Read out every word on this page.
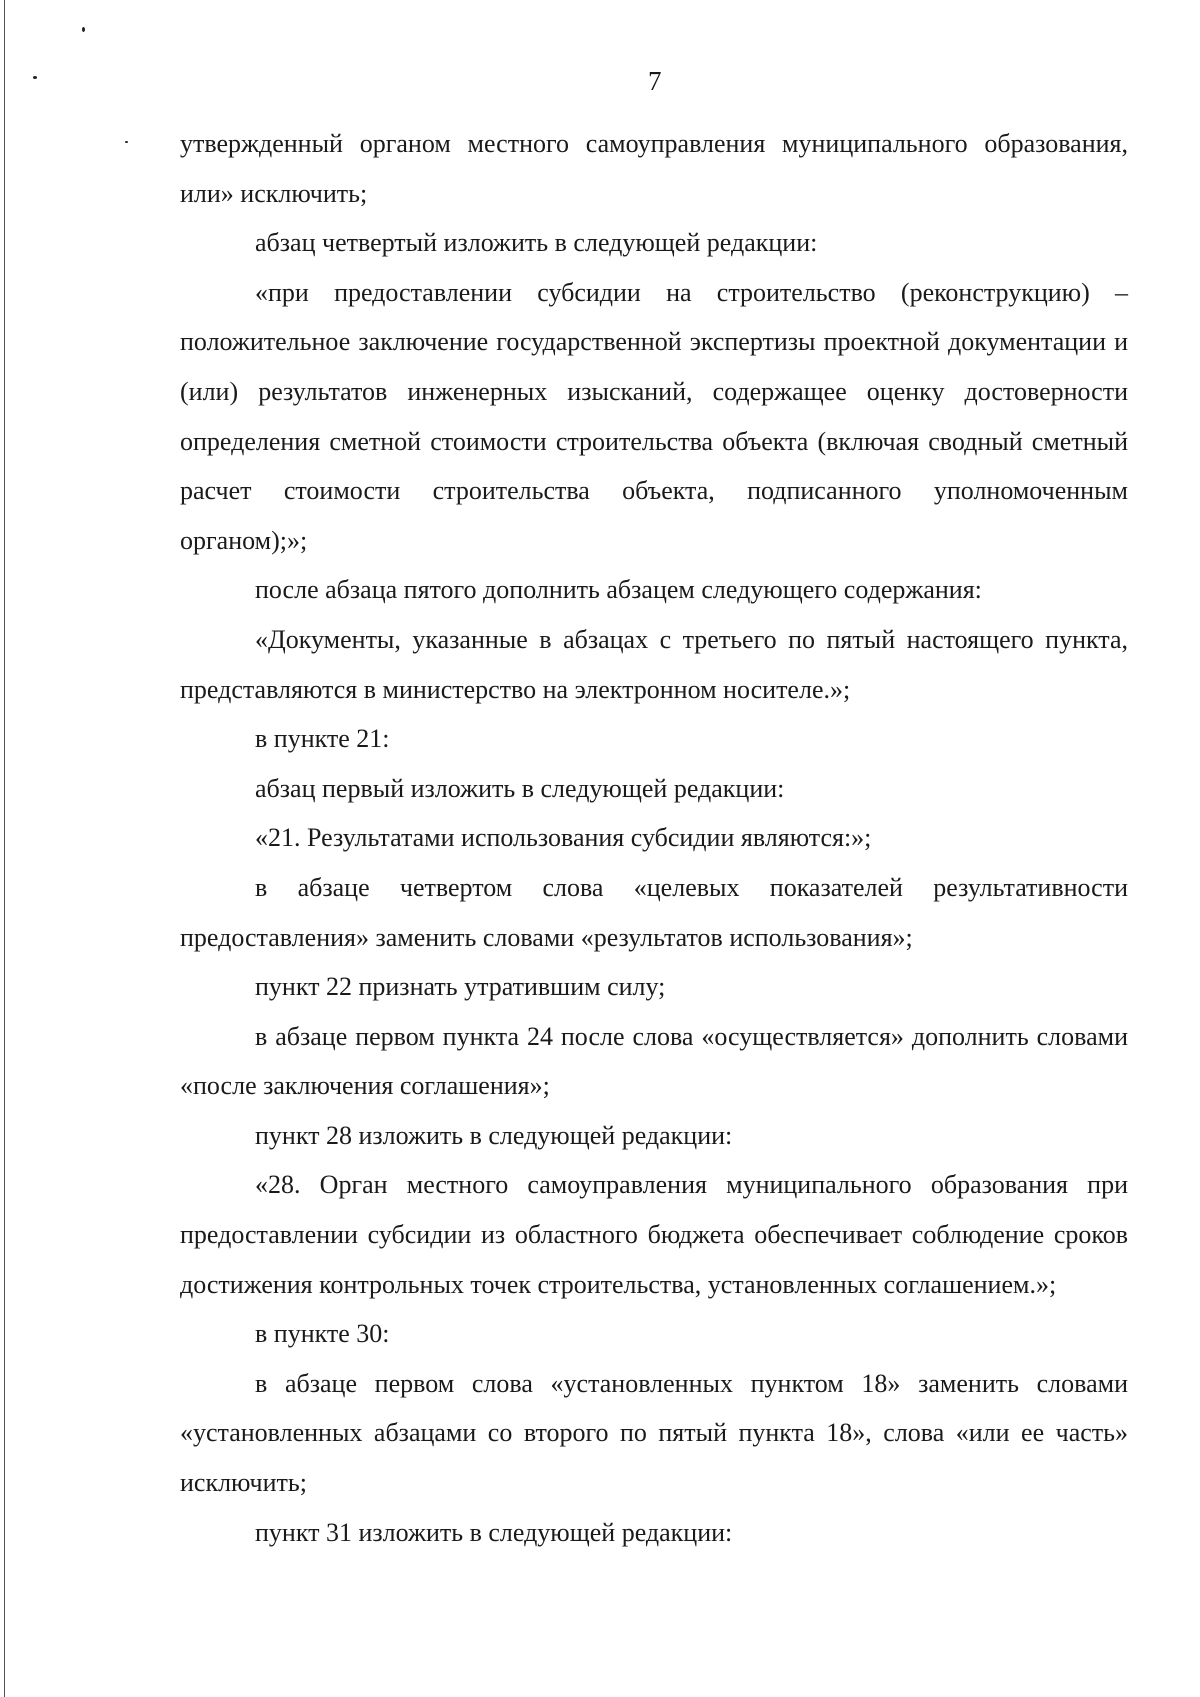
7

утвержденный органом местного самоуправления муниципального образования, или» исключить;

абзац четвертый изложить в следующей редакции:

«при предоставлении субсидии на строительство (реконструкцию) – положительное заключение государственной экспертизы проектной документации и (или) результатов инженерных изысканий, содержащее оценку достоверности определения сметной стоимости строительства объекта (включая сводный сметный расчет стоимости строительства объекта, подписанного уполномоченным органом);»;

после абзаца пятого дополнить абзацем следующего содержания:

«Документы, указанные в абзацах с третьего по пятый настоящего пункта, представляются в министерство на электронном носителе.»;

в пункте 21:

абзац первый изложить в следующей редакции:

«21. Результатами использования субсидии являются:»;

в абзаце четвертом слова «целевых показателей результативности предоставления» заменить словами «результатов использования»;

пункт 22 признать утратившим силу;

в абзаце первом пункта 24 после слова «осуществляется» дополнить словами «после заключения соглашения»;

пункт 28 изложить в следующей редакции:

«28. Орган местного самоуправления муниципального образования при предоставлении субсидии из областного бюджета обеспечивает соблюдение сроков достижения контрольных точек строительства, установленных соглашением.»;

в пункте 30:

в абзаце первом слова «установленных пунктом 18» заменить словами «установленных абзацами со второго по пятый пункта 18», слова «или ее часть» исключить;

пункт 31 изложить в следующей редакции:
